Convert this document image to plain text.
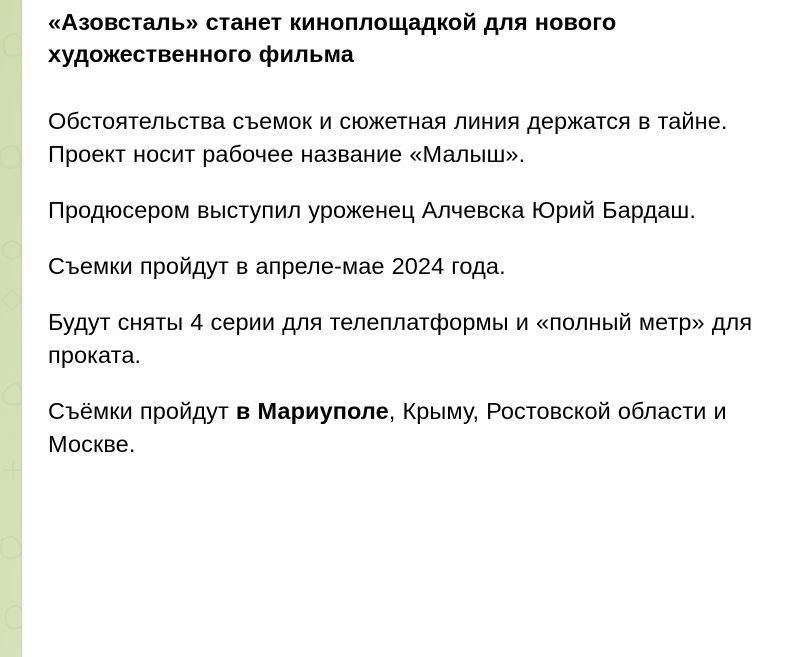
«Азовсталь» станет киноплощадкой для нового художественного фильма

Обстоятельства съемок и сюжетная линия держатся в тайне. Проект носит рабочее название «Малыш».

Продюсером выступил уроженец Алчевска Юрий Бардаш.

Съемки пройдут в апреле-мае 2024 года.

Будут сняты 4 серии для телеплатформы и «полный метр» для проката.

Съёмки пройдут в Мариуполе, Крыму, Ростовской области и Москве.
